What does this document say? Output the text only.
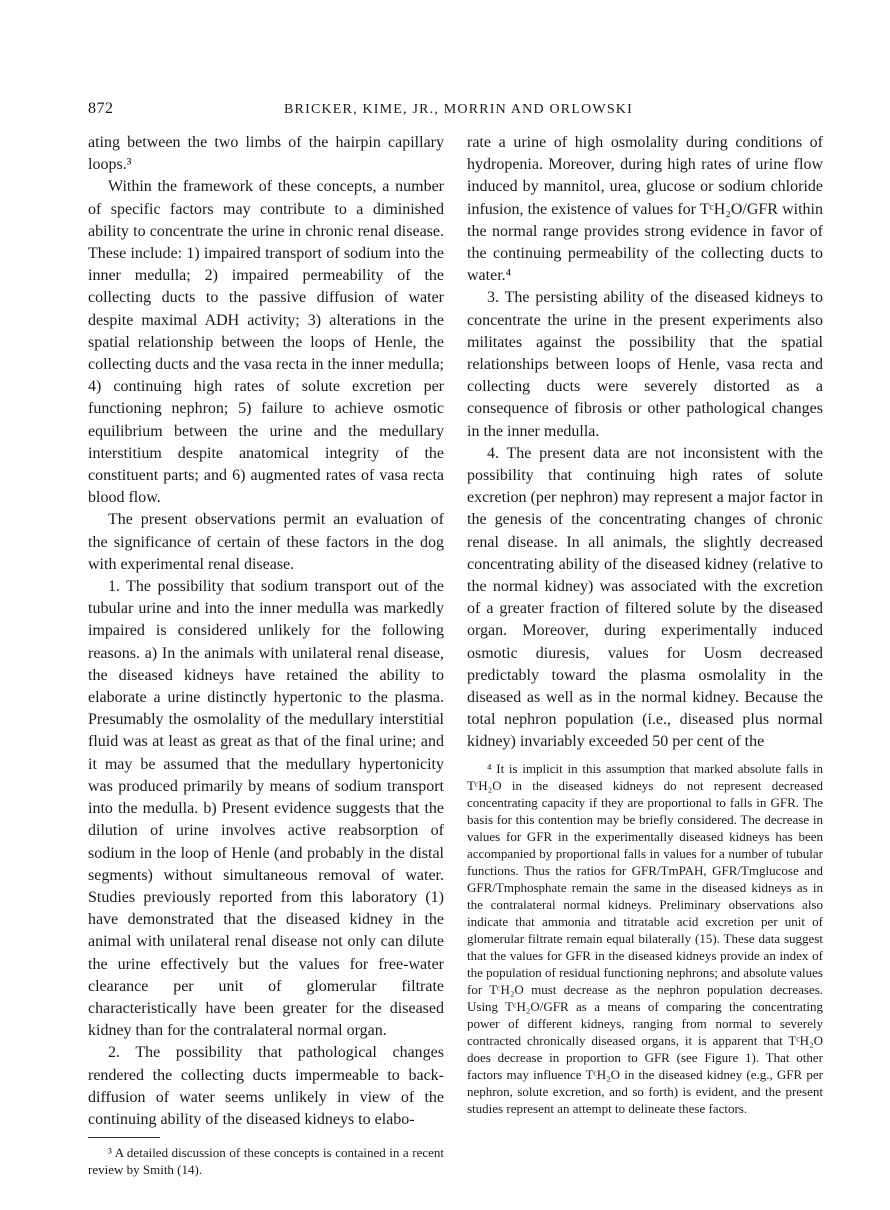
872	BRICKER, KIME, JR., MORRIN AND ORLOWSKI

ating between the two limbs of the hairpin capillary loops.³

Within the framework of these concepts, a number of specific factors may contribute to a diminished ability to concentrate the urine in chronic renal disease. These include: 1) impaired transport of sodium into the inner medulla; 2) impaired permeability of the collecting ducts to the passive diffusion of water despite maximal ADH activity; 3) alterations in the spatial relationship between the loops of Henle, the collecting ducts and the vasa recta in the inner medulla; 4) continuing high rates of solute excretion per functioning nephron; 5) failure to achieve osmotic equilibrium between the urine and the medullary interstitium despite anatomical integrity of the constituent parts; and 6) augmented rates of vasa recta blood flow.

The present observations permit an evaluation of the significance of certain of these factors in the dog with experimental renal disease.

1. The possibility that sodium transport out of the tubular urine and into the inner medulla was markedly impaired is considered unlikely for the following reasons. a) In the animals with unilateral renal disease, the diseased kidneys have retained the ability to elaborate a urine distinctly hypertonic to the plasma. Presumably the osmolality of the medullary interstitial fluid was at least as great as that of the final urine; and it may be assumed that the medullary hypertonicity was produced primarily by means of sodium transport into the medulla. b) Present evidence suggests that the dilution of urine involves active reabsorption of sodium in the loop of Henle (and probably in the distal segments) without simultaneous removal of water. Studies previously reported from this laboratory (1) have demonstrated that the diseased kidney in the animal with unilateral renal disease not only can dilute the urine effectively but the values for free-water clearance per unit of glomerular filtrate characteristically have been greater for the diseased kidney than for the contralateral normal organ.

2. The possibility that pathological changes rendered the collecting ducts impermeable to back-diffusion of water seems unlikely in view of the continuing ability of the diseased kidneys to elabo-

³ A detailed discussion of these concepts is contained in a recent review by Smith (14).

rate a urine of high osmolality during conditions of hydropenia. Moreover, during high rates of urine flow induced by mannitol, urea, glucose or sodium chloride infusion, the existence of values for TᶜH₂O/GFR within the normal range provides strong evidence in favor of the continuing permeability of the collecting ducts to water.⁴

3. The persisting ability of the diseased kidneys to concentrate the urine in the present experiments also militates against the possibility that the spatial relationships between loops of Henle, vasa recta and collecting ducts were severely distorted as a consequence of fibrosis or other pathological changes in the inner medulla.

4. The present data are not inconsistent with the possibility that continuing high rates of solute excretion (per nephron) may represent a major factor in the genesis of the concentrating changes of chronic renal disease. In all animals, the slightly decreased concentrating ability of the diseased kidney (relative to the normal kidney) was associated with the excretion of a greater fraction of filtered solute by the diseased organ. Moreover, during experimentally induced osmotic diuresis, values for Uosm decreased predictably toward the plasma osmolality in the diseased as well as in the normal kidney. Because the total nephron population (i.e., diseased plus normal kidney) invariably exceeded 50 per cent of the

⁴ It is implicit in this assumption that marked absolute falls in TᶜH₂O in the diseased kidneys do not represent decreased concentrating capacity if they are proportional to falls in GFR. The basis for this contention may be briefly considered. The decrease in values for GFR in the experimentally diseased kidneys has been accompanied by proportional falls in values for a number of tubular functions. Thus the ratios for GFR/TmPAH, GFR/Tmglucose and GFR/Tmphosphate remain the same in the diseased kidneys as in the contralateral normal kidneys. Preliminary observations also indicate that ammonia and titratable acid excretion per unit of glomerular filtrate remain equal bilaterally (15). These data suggest that the values for GFR in the diseased kidneys provide an index of the population of residual functioning nephrons; and absolute values for TᶜH₂O must decrease as the nephron population decreases. Using TᶜH₂O/GFR as a means of comparing the concentrating power of different kidneys, ranging from normal to severely contracted chronically diseased organs, it is apparent that TᶜH₂O does decrease in proportion to GFR (see Figure 1). That other factors may influence TᶜH₂O in the diseased kidney (e.g., GFR per nephron, solute excretion, and so forth) is evident, and the present studies represent an attempt to delineate these factors.
